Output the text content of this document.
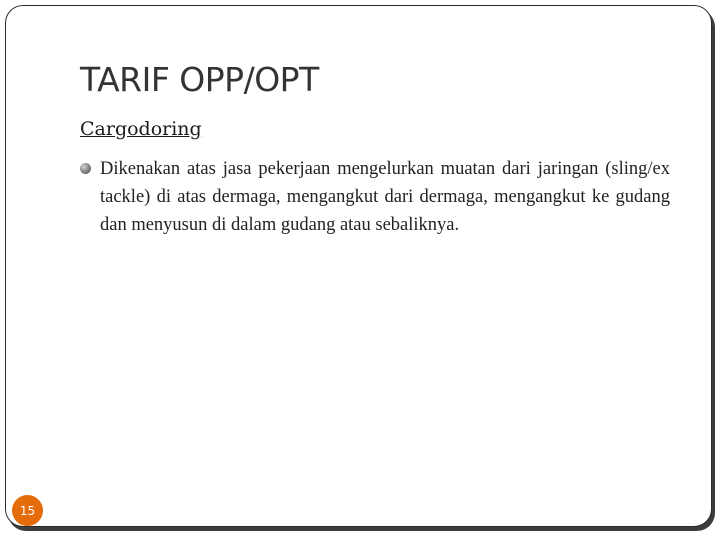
TARIF OPP/OPT
Cargodoring
Dikenakan atas jasa pekerjaan mengelurkan muatan dari jaringan (sling/ex tackle) di atas dermaga, mengangkut dari dermaga, mengangkut ke gudang dan menyusun di dalam gudang atau sebaliknya.
15
